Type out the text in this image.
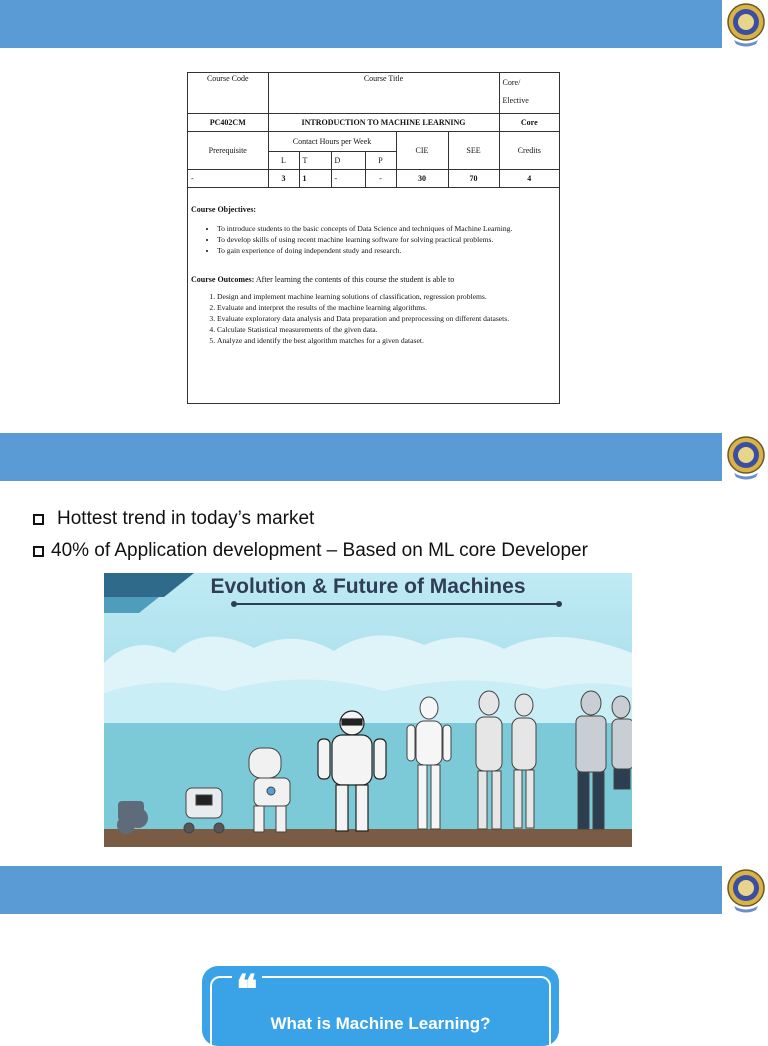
Course Code	Course Title						Core/
Elective
PC402CM	INTRODUCTION TO MACHINE LEARNING						Core
Prerequisite	Contact Hours per Week				CIE	SEE	Credits
	L	T	D	P			
-	3	1	-	-	30	70	4
Course Objectives:
• To introduce students to the basic concepts of Data Science and techniques of Machine Learning.
• To develop skills of using recent machine learning software for solving practical problems.
• To gain experience of doing independent study and research.
Course Outcomes: After learning the contents of this course the student is able to
1. Design and implement machine learning solutions of classification, regression problems.
2. Evaluate and interpret the results of the machine learning algorithms.
3. Evaluate exploratory data analysis and Data preparation and preprocessing on different datasets.
4. Calculate Statistical measurements of the given data.
5. Analyze and identify the best algorithm matches for a given dataset.
Hottest trend in today’s market
40% of Application development – Based on ML core Developer
Evolution & Future of Machines
❝
What is Machine Learning?
